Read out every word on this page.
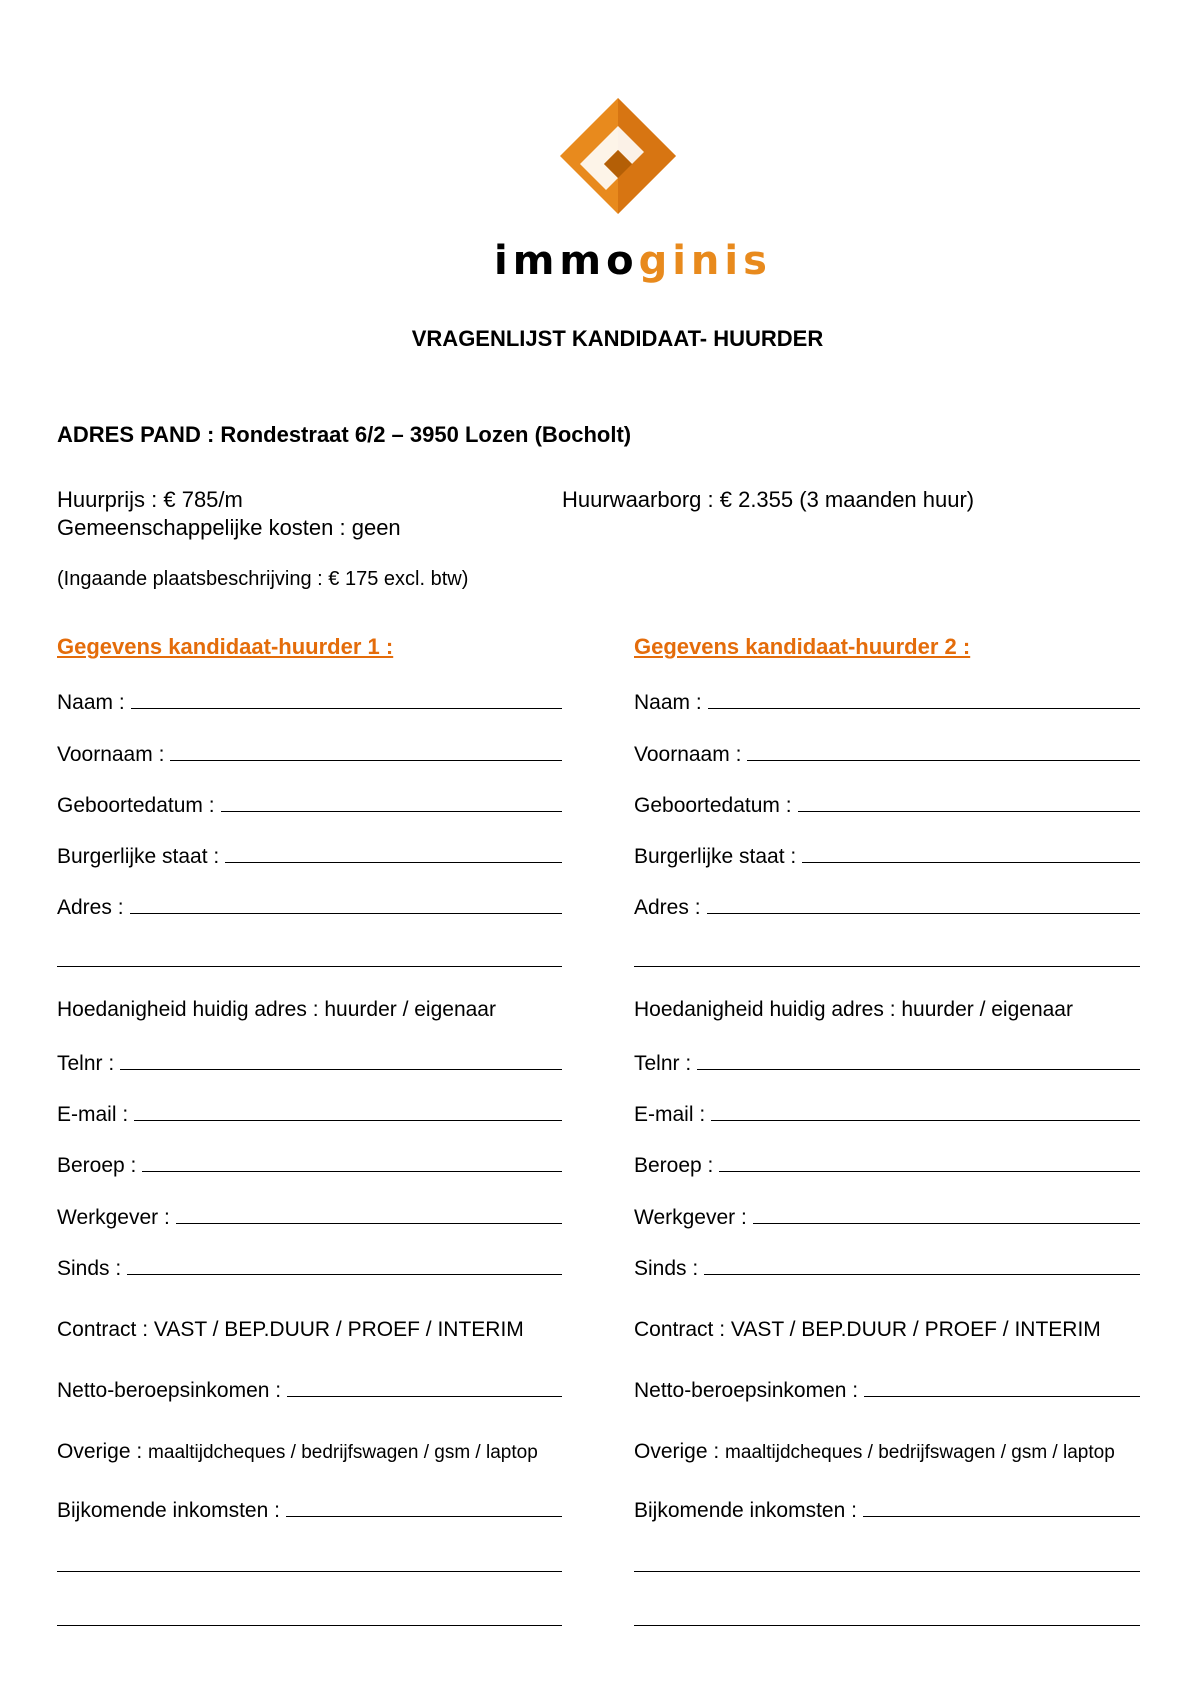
immoginis
VRAGENLIJST KANDIDAAT- HUURDER
ADRES PAND : Rondestraat 6/2 – 3950 Lozen (Bocholt)
Huurprijs : € 785/m	Huurwaarborg : € 2.355 (3 maanden huur)
Gemeenschappelijke kosten : geen
(Ingaande plaatsbeschrijving : € 175 excl. btw)
Gegevens kandidaat-huurder 1 :
Naam :
Voornaam :
Geboortedatum :
Burgerlijke staat :
Adres :
Hoedanigheid huidig adres : huurder / eigenaar
Telnr :
E-mail :
Beroep :
Werkgever :
Sinds :
Contract : VAST / BEP.DUUR / PROEF / INTERIM
Netto-beroepsinkomen :
Overige : maaltijdcheques / bedrijfswagen / gsm / laptop
Bijkomende inkomsten :
Gegevens kandidaat-huurder 2 :
Naam :
Voornaam :
Geboortedatum :
Burgerlijke staat :
Adres :
Hoedanigheid huidig adres : huurder / eigenaar
Telnr :
E-mail :
Beroep :
Werkgever :
Sinds :
Contract : VAST / BEP.DUUR / PROEF / INTERIM
Netto-beroepsinkomen :
Overige : maaltijdcheques / bedrijfswagen / gsm / laptop
Bijkomende inkomsten :
